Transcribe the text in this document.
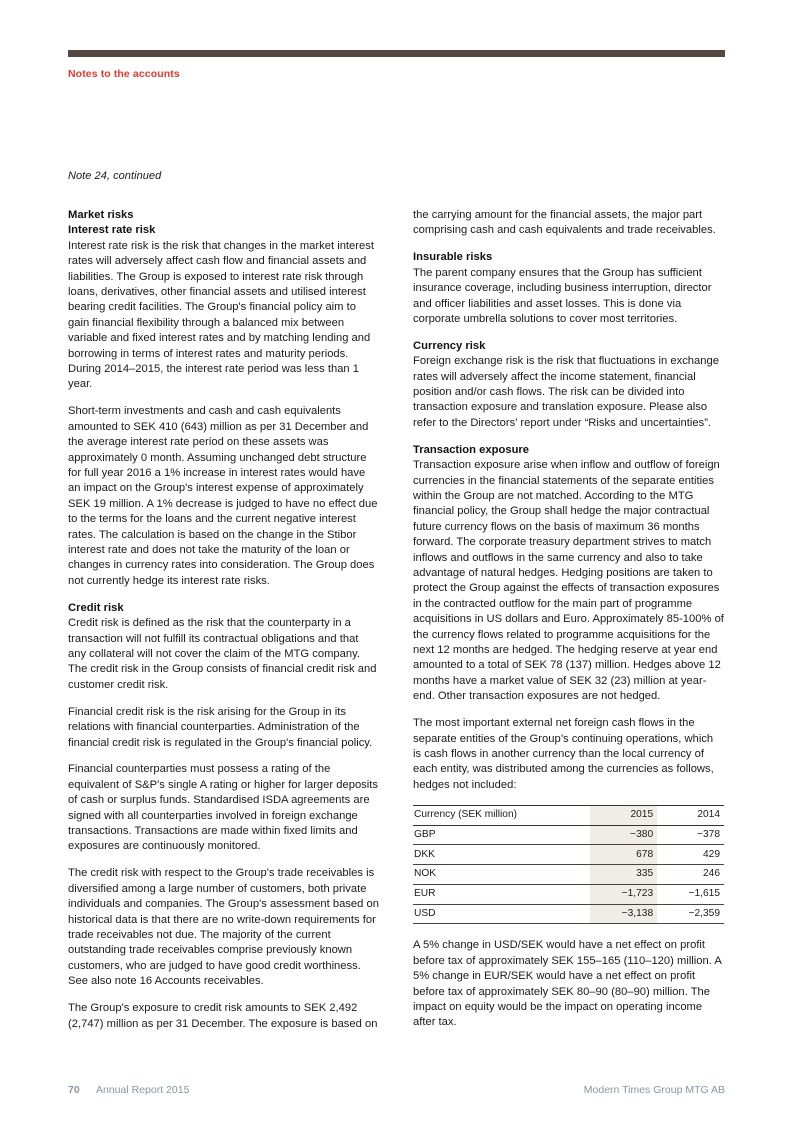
Notes to the accounts
Note 24, continued
Market risks
Interest rate risk

Interest rate risk is the risk that changes in the market interest rates will adversely affect cash flow and financial assets and liabilities. The Group is exposed to interest rate risk through loans, derivatives, other financial assets and utilised interest bearing credit facilities. The Group's financial policy aim to gain financial flexibility through a balanced mix between variable and fixed interest rates and by matching lending and borrowing in terms of interest rates and maturity periods. During 2014–2015, the interest rate period was less than 1 year.

Short-term investments and cash and cash equivalents amounted to SEK 410 (643) million as per 31 December and the average interest rate period on these assets was approximately 0 month. Assuming unchanged debt structure for full year 2016 a 1% increase in interest rates would have an impact on the Group's interest expense of approximately SEK 19 million. A 1% decrease is judged to have no effect due to the terms for the loans and the current negative interest rates. The calculation is based on the change in the Stibor interest rate and does not take the maturity of the loan or changes in currency rates into consideration. The Group does not currently hedge its interest rate risks.

Credit risk

Credit risk is defined as the risk that the counterparty in a transaction will not fulfill its contractual obligations and that any collateral will not cover the claim of the MTG company. The credit risk in the Group consists of financial credit risk and customer credit risk.

Financial credit risk is the risk arising for the Group in its relations with financial counterparties. Administration of the financial credit risk is regulated in the Group's financial policy.

Financial counterparties must possess a rating of the equivalent of S&P's single A rating or higher for larger deposits of cash or surplus funds. Standardised ISDA agreements are signed with all counterparties involved in foreign exchange transactions. Transactions are made within fixed limits and exposures are continuously monitored.

The credit risk with respect to the Group's trade receivables is diversified among a large number of customers, both private individuals and companies. The Group's assessment based on historical data is that there are no write-down requirements for trade receivables not due. The majority of the current outstanding trade receivables comprise previously known customers, who are judged to have good credit worthiness. See also note 16 Accounts receivables.

The Group's exposure to credit risk amounts to SEK 2,492 (2,747) million as per 31 December. The exposure is based on

the carrying amount for the financial assets, the major part comprising cash and cash equivalents and trade receivables.

Insurable risks

The parent company ensures that the Group has sufficient insurance coverage, including business interruption, director and officer liabilities and asset losses. This is done via corporate umbrella solutions to cover most territories.

Currency risk

Foreign exchange risk is the risk that fluctuations in exchange rates will adversely affect the income statement, financial position and/or cash flows. The risk can be divided into transaction exposure and translation exposure. Please also refer to the Directors’ report under “Risks and uncertainties”.

Transaction exposure

Transaction exposure arise when inflow and outflow of foreign currencies in the financial statements of the separate entities within the Group are not matched. According to the MTG financial policy, the Group shall hedge the major contractual future currency flows on the basis of maximum 36 months forward. The corporate treasury department strives to match inflows and outflows in the same currency and also to take advantage of natural hedges. Hedging positions are taken to protect the Group against the effects of transaction exposures in the contracted outflow for the main part of programme acquisitions in US dollars and Euro. Approximately 85-100% of the currency flows related to programme acquisitions for the next 12 months are hedged. The hedging reserve at year end amounted to a total of SEK 78 (137) million. Hedges above 12 months have a market value of SEK 32 (23) million at year-end. Other transaction exposures are not hedged.

The most important external net foreign cash flows in the separate entities of the Group’s continuing operations, which is cash flows in another currency than the local currency of each entity, was distributed among the currencies as follows, hedges not included:

Currency (SEK million)	2015	2014
GBP	−380	−378
DKK	678	429
NOK	335	246
EUR	−1,723	−1,615
USD	−3,138	−2,359

A 5% change in USD/SEK would have a net effect on profit before tax of approximately SEK 155–165 (110–120) million. A 5% change in EUR/SEK would have a net effect on profit before tax of approximately SEK 80–90 (80–90) million. The impact on equity would be the impact on operating income after tax.

70 Annual Report 2015	Modern Times Group MTG AB
